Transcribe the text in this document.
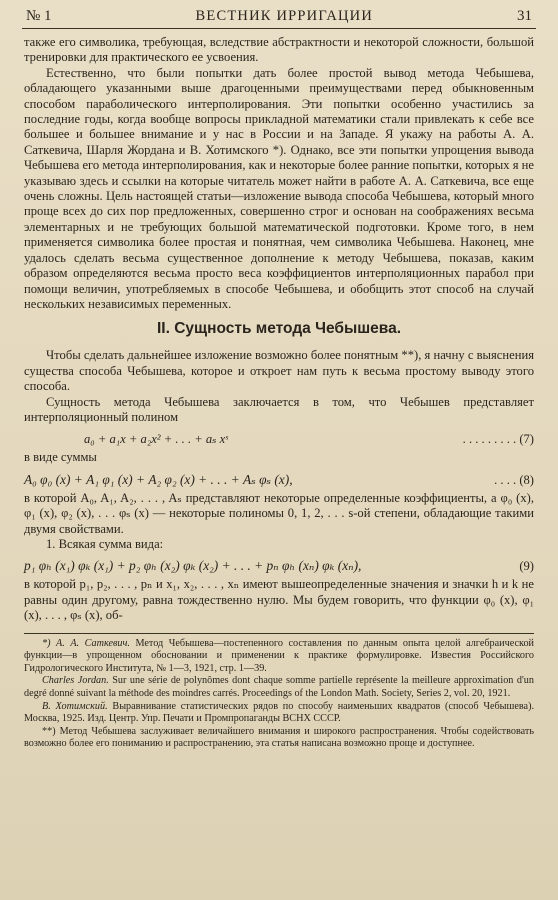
№ 1	ВЕСТНИК ИРРИГАЦИИ	31

также его символика, требующая, вследствие абстрактности и некоторой сложности, большой тренировки для практического ее усвоения.

Естественно, что были попытки дать более простой вывод метода Чебышева, обладающего указанными выше драгоценными преимуществами перед обыкновенным способом параболического интерполирования. Эти попытки особенно участились за последние годы, когда вообще вопросы прикладной математики стали привлекать к себе все большее и большее внимание и у нас в России и на Западе. Я укажу на работы А. А. Саткевича, Шарля Жордана и В. Хотимского *). Однако, все эти попытки упрощения вывода Чебышева его метода интерполирования, как и некоторые более ранние попытки, которых я не указываю здесь и ссылки на которые читатель может найти в работе А. А. Саткевича, все еще очень сложны. Цель настоящей статьи—изложение вывода способа Чебышева, который много проще всех до сих пор предложенных, совершенно строг и основан на соображениях весьма элементарных и не требующих большой математической подготовки. Кроме того, в нем применяется символика более простая и понятная, чем символика Чебышева. Наконец, мне удалось сделать весьма существенное дополнение к методу Чебышева, показав, каким образом определяются весьма просто веса коэффициентов интерполяционных парабол при помощи величин, употребляемых в способе Чебышева, и обобщить этот способ на случай нескольких независимых переменных.

II. Сущность метода Чебышева.

Чтобы сделать дальнейшее изложение возможно более понятным **), я начну с выяснения существа способа Чебышева, которое и откроет нам путь к весьма простому выводу этого способа.

Сущность метода Чебышева заключается в том, что Чебышев представляет интерполяционный полином

a₀ + a₁x + a₂x² + . . . + aₛ xˢ	. . . . . . . . . (7)

в виде суммы

A₀ φ₀ (x) + A₁ φ₁ (x) + A₂ φ₂ (x) + . . . + Aₛ φₛ (x),	. . . . (8)

в которой A₀, A₁, A₂, . . . , Aₛ представляют некоторые определенные коэффициенты, а φ₀ (x), φ₁ (x), φ₂ (x), . . . φₛ (x) — некоторые полиномы 0, 1, 2, . . . s-ой степени, обладающие такими двумя свойствами.

1. Всякая сумма вида:

p₁ φₕ (x₁) φₖ (x₁) + p₂ φₕ (x₂) φₖ (x₂) + . . . + pₙ φₕ (xₙ) φₖ (xₙ),	(9)

в которой p₁, p₂, . . . , pₙ и x₁, x₂, . . . , xₙ имеют вышеопределенные значения и значки h и k не равны один другому, равна тождественно нулю. Мы будем говорить, что функции φ₀ (x), φ₁ (x), . . . , φₛ (x), об-

*) А. А. Саткевич. Метод Чебышева—постепенного составления по данным опыта целой алгебраической функции—в упрощенном обосновании и применении к практике формулировке. Известия Российского Гидрологического Института, № 1—3, 1921, стр. 1—39.

Charles Jordan. Sur une série de polynômes dont chaque somme partielle représente la meilleure approximation d'un degré donné suivant la méthode des moindres carrés. Proceedings of the London Math. Society, Series 2, vol. 20, 1921.

В. Хотимский. Выравнивание статистических рядов по способу наименьших квадратов (способ Чебышева). Москва, 1925. Изд. Центр. Упр. Печати и Промпропаганды ВСНХ СССР.

**) Метод Чебышева заслуживает величайшего внимания и широкого распространения. Чтобы содействовать возможно более его пониманию и распространению, эта статья написана возможно проще и доступнее.
